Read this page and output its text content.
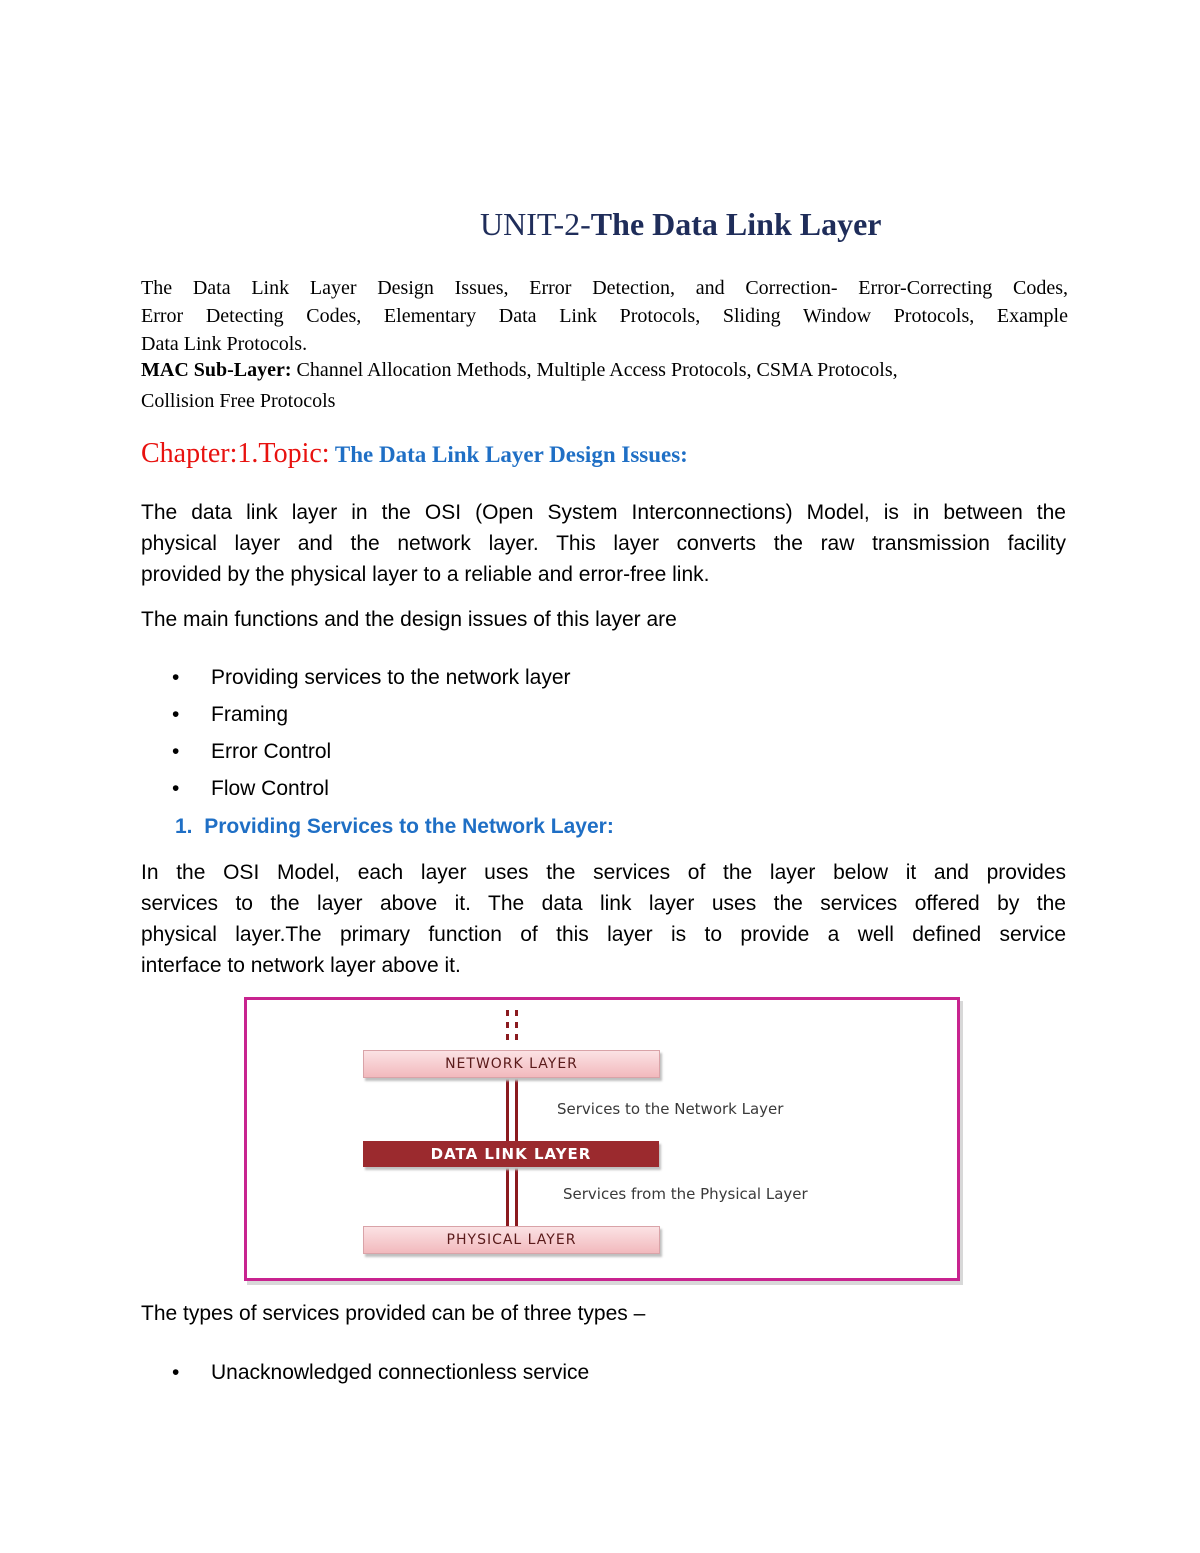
UNIT-2-The Data Link Layer
The Data Link Layer Design Issues, Error Detection, and Correction- Error-Correcting Codes,
Error Detecting Codes, Elementary Data Link Protocols, Sliding Window Protocols, Example
Data Link Protocols.
MAC Sub-Layer: Channel Allocation Methods, Multiple Access Protocols, CSMA Protocols,
Collision Free Protocols
Chapter:1.Topic: The Data Link Layer Design Issues:
The data link layer in the OSI (Open System Interconnections) Model, is in between the
physical layer and the network layer. This layer converts the raw transmission facility
provided by the physical layer to a reliable and error-free link.
The main functions and the design issues of this layer are
• Providing services to the network layer
• Framing
• Error Control
• Flow Control
1. Providing Services to the Network Layer:
In the OSI Model, each layer uses the services of the layer below it and provides
services to the layer above it. The data link layer uses the services offered by the
physical layer.The primary function of this layer is to provide a well defined service
interface to network layer above it.
NETWORK LAYER
Services to the Network Layer
DATA LINK LAYER
Services from the Physical Layer
PHYSICAL LAYER
The types of services provided can be of three types –
• Unacknowledged connectionless service
